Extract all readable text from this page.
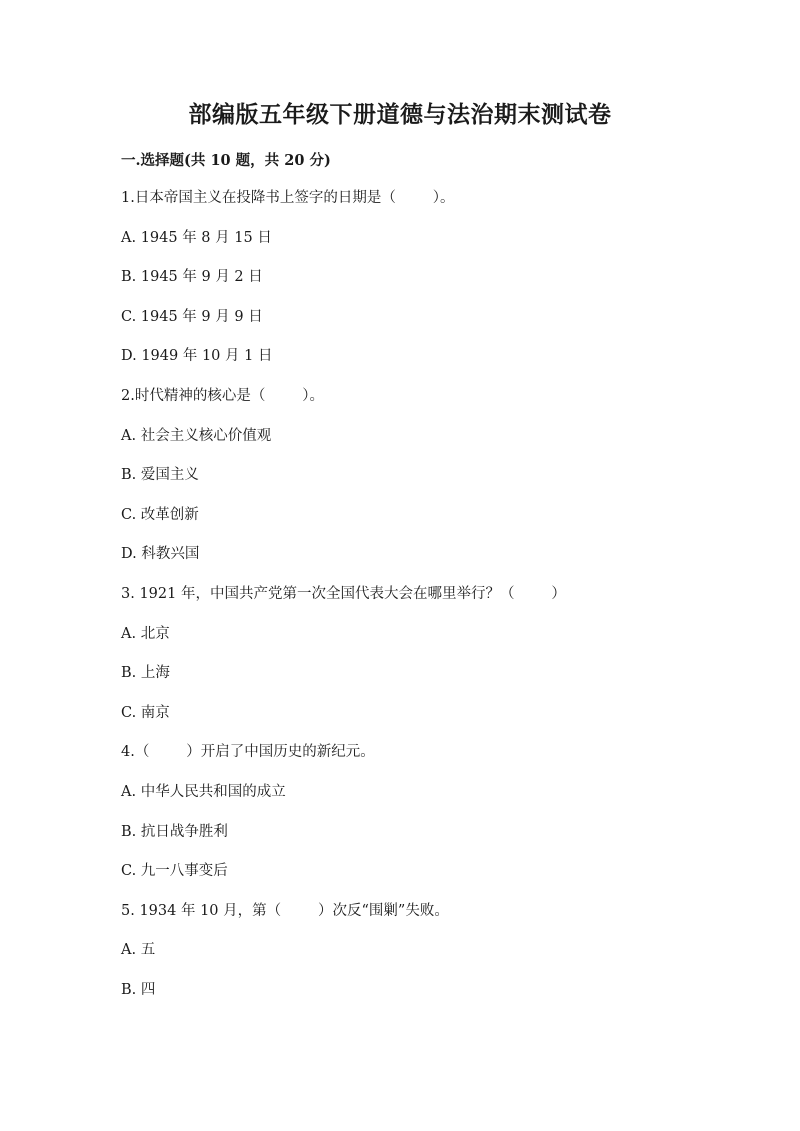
部编版五年级下册道德与法治期末测试卷
一.选择题(共 10 题，共 20 分)
1.日本帝国主义在投降书上签字的日期是（        ）。
A. 1945 年 8 月 15 日
B. 1945 年 9 月 2 日
C. 1945 年 9 月 9 日
D. 1949 年 10 月 1 日
2.时代精神的核心是（        ）。
A. 社会主义核心价值观
B. 爱国主义
C. 改革创新
D. 科教兴国
3. 1921 年，中国共产党第一次全国代表大会在哪里举行？（        ）
A. 北京
B. 上海
C. 南京
4.（        ）开启了中国历史的新纪元。
A. 中华人民共和国的成立
B. 抗日战争胜利
C. 九一八事变后
5. 1934 年 10 月，第（        ）次反“围剿”失败。
A. 五
B. 四
